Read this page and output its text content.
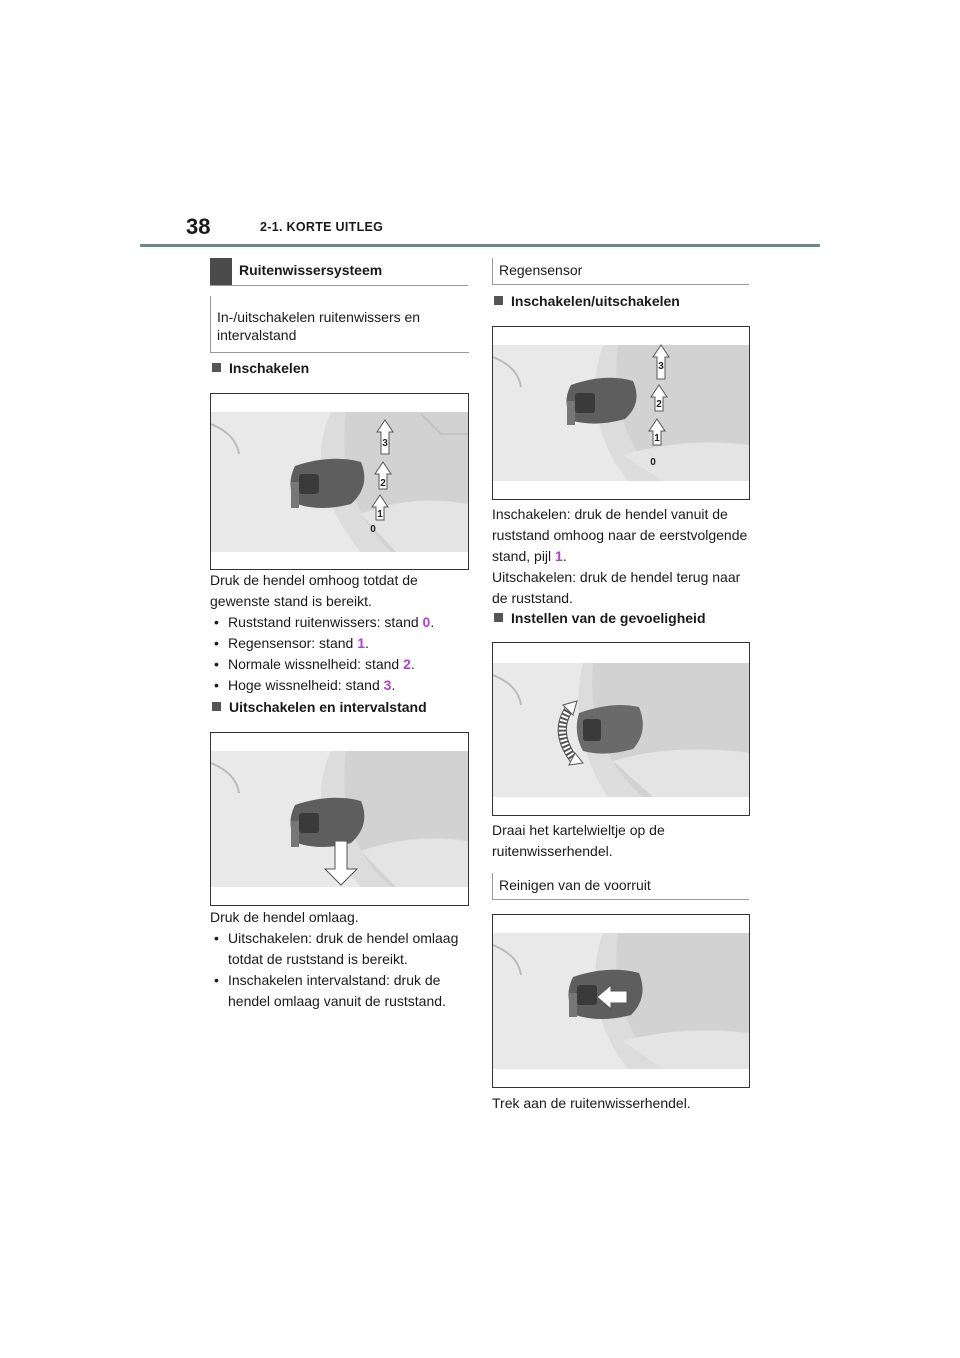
38	2-1. KORTE UITLEG
Ruitenwissersysteem
In-/uitschakelen ruitenwissers en intervalstand
Inschakelen
1
2
3
0

Druk de hendel omhoog totdat de gewenste stand is bereikt.

• Ruststand ruitenwissers: stand 0.
• Regensensor: stand 1.
• Normale wissnelheid: stand 2.
• Hoge wissnelheid: stand 3.
Uitschakelen en intervalstand

Druk de hendel omlaag.

• Uitschakelen: druk de hendel omlaag totdat de ruststand is bereikt.
• Inschakelen intervalstand: druk de hendel omlaag vanuit de ruststand.
Regensensor
Inschakelen/uitschakelen
1
2
3
0

Inschakelen: druk de hendel vanuit de ruststand omhoog naar de eerstvolgende stand, pijl 1.

Uitschakelen: druk de hendel terug naar de ruststand.

Instellen van de gevoeligheid

Draai het kartelwieltje op de ruitenwisserhendel.

Reinigen van de voorruit

Trek aan de ruitenwisserhendel.
